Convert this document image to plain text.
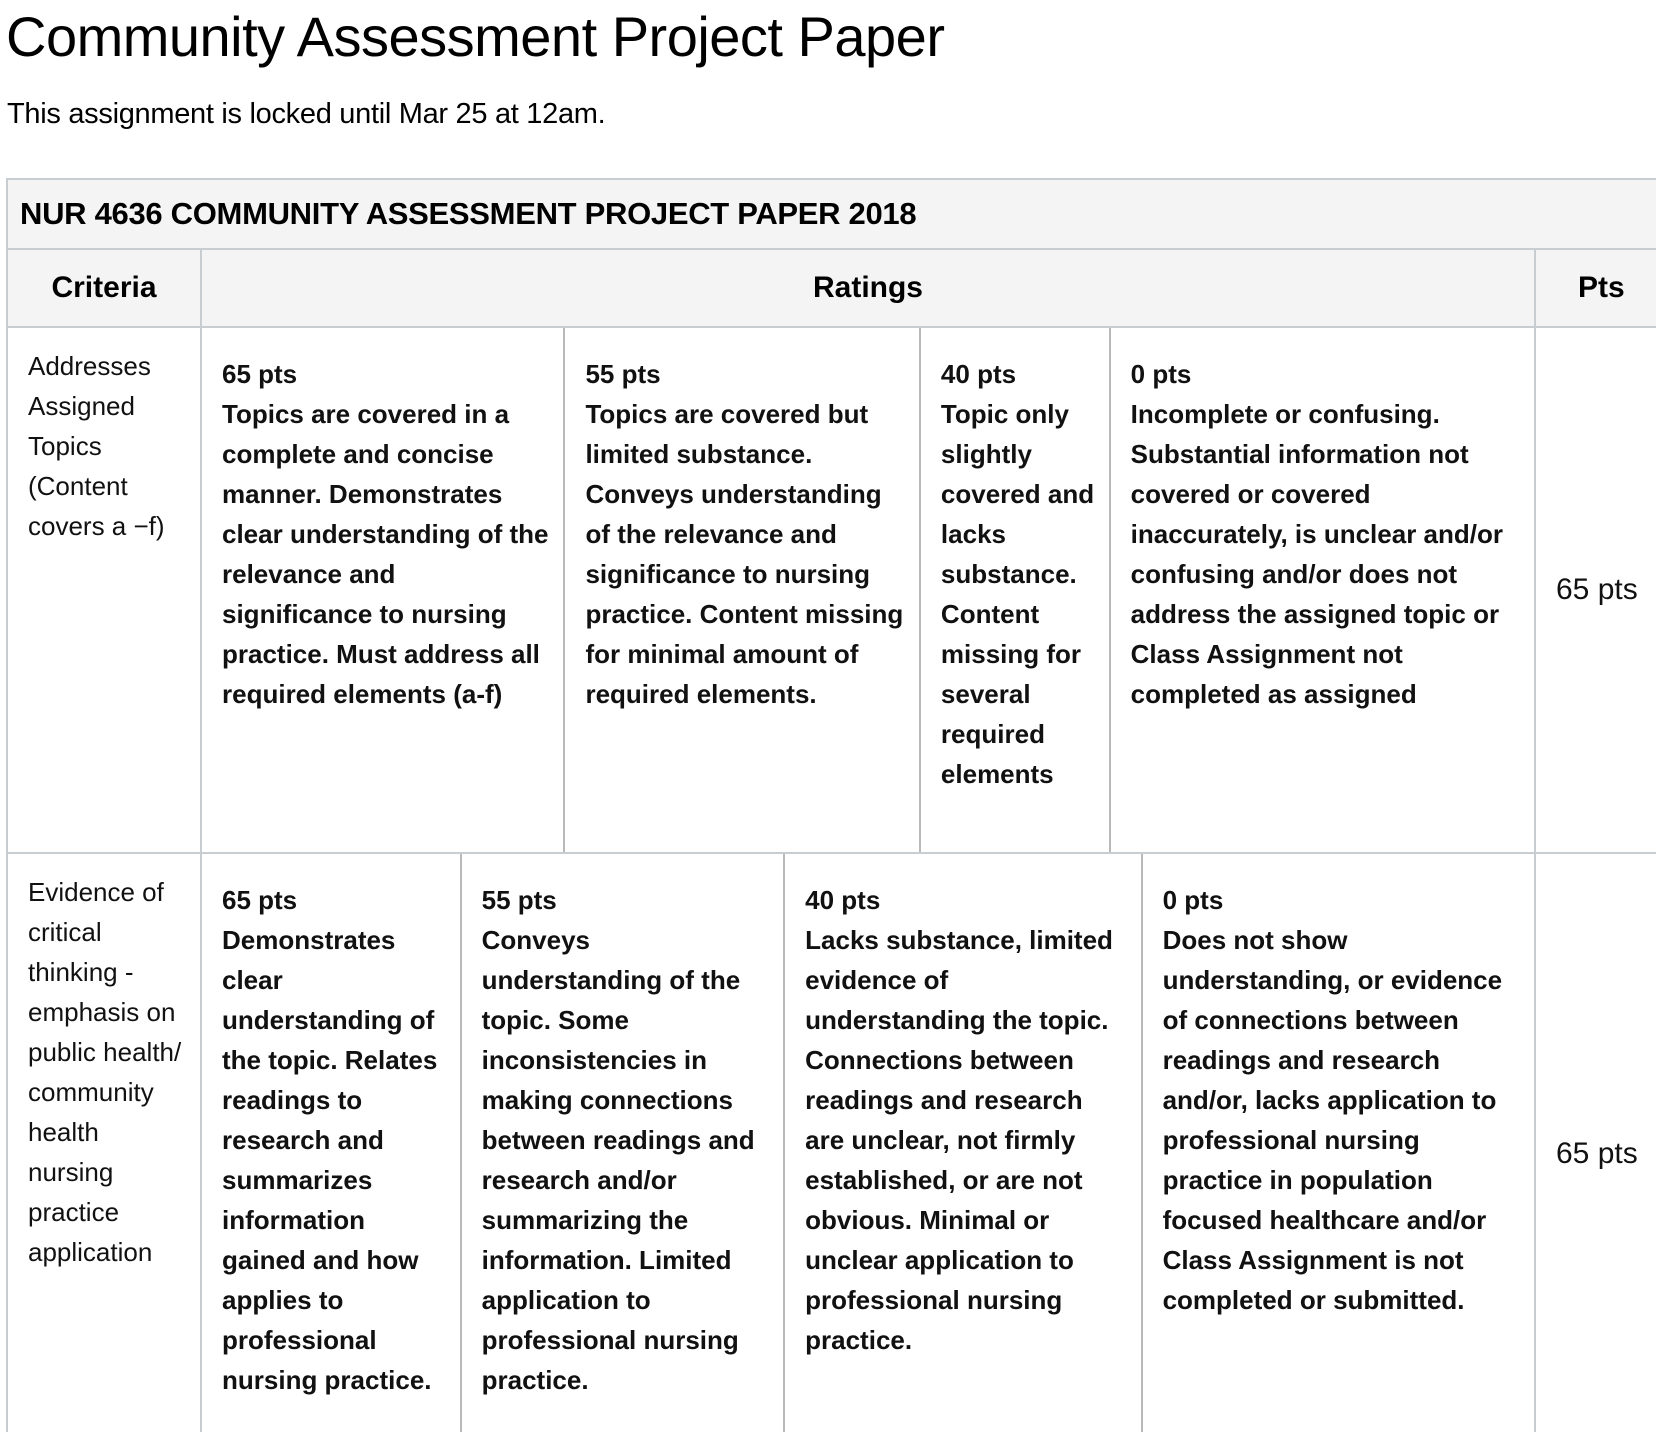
Community Assessment Project Paper

This assignment is locked until Mar 25 at 12am.

NUR 4636 COMMUNITY ASSESSMENT PROJECT PAPER 2018
Criteria	Ratings	Pts
Addresses Assigned Topics (Content covers a −f)
65 pts
Topics are covered in a complete and concise manner. Demonstrates clear understanding of the relevance and significance to nursing practice. Must address all required elements (a-f)
55 pts
Topics are covered but limited substance. Conveys understanding of the relevance and significance to nursing practice. Content missing for minimal amount of required elements.
40 pts
Topic only slightly covered and lacks substance. Content missing for several required elements
0 pts
Incomplete or confusing. Substantial information not covered or covered inaccurately, is unclear and/or confusing and/or does not address the assigned topic or Class Assignment not completed as assigned
65 pts
Evidence of critical thinking - emphasis on public health/ community health nursing practice application
65 pts
Demonstrates clear understanding of the topic. Relates readings to research and summarizes information gained and how applies to professional nursing practice.
55 pts
Conveys understanding of the topic. Some inconsistencies in making connections between readings and research and/or summarizing the information. Limited application to professional nursing practice.
40 pts
Lacks substance, limited evidence of understanding the topic. Connections between readings and research are unclear, not firmly established, or are not obvious. Minimal or unclear application to professional nursing practice.
0 pts
Does not show understanding, or evidence of connections between readings and research and/or, lacks application to professional nursing practice in population focused healthcare and/or Class Assignment is not completed or submitted.
65 pts
